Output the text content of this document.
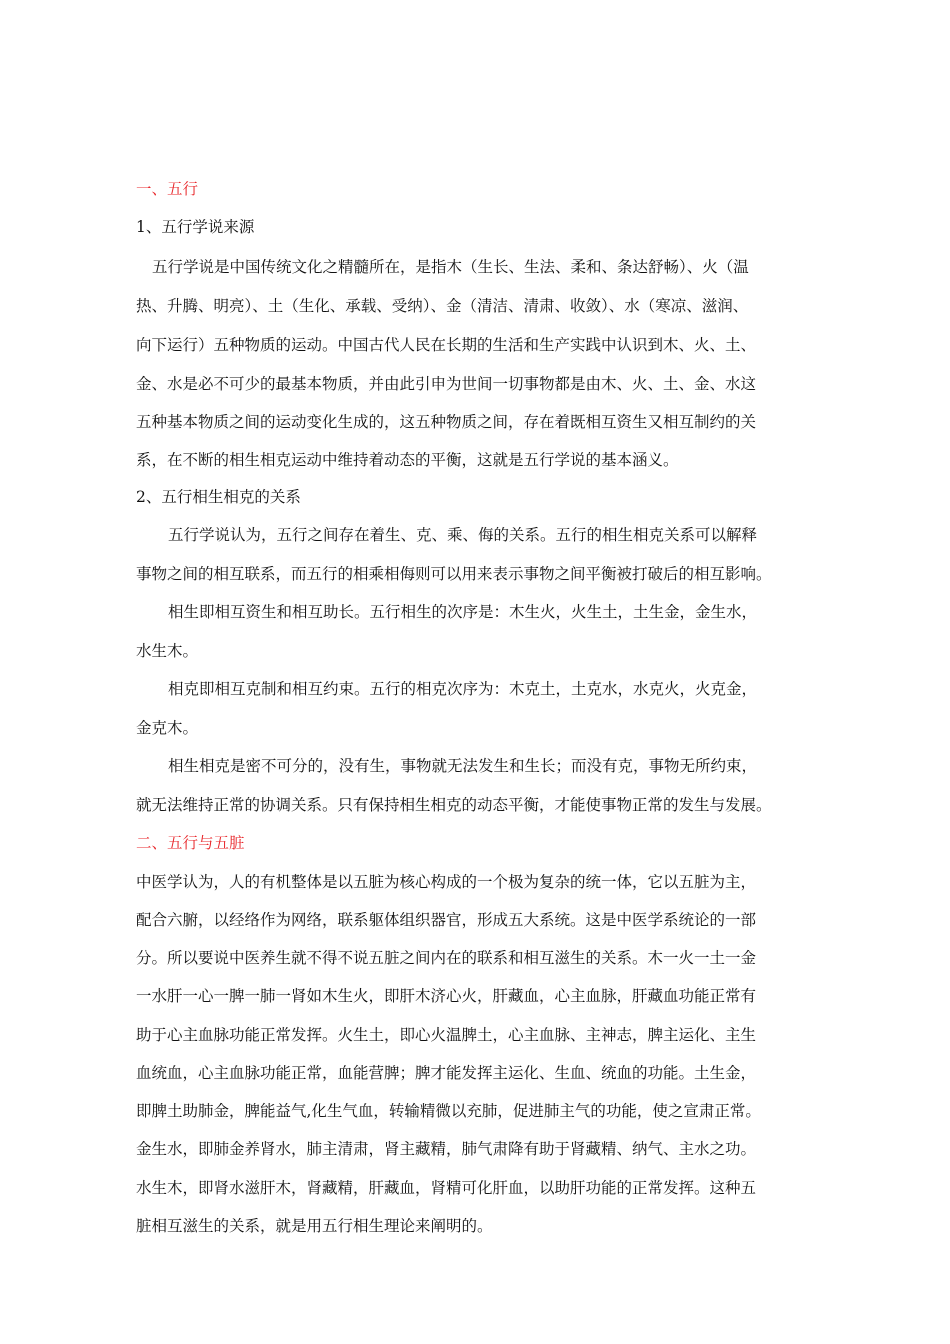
一、五行
1、五行学说来源
五行学说是中国传统文化之精髓所在，是指木（生长、生法、柔和、条达舒畅）、火（温
热、升腾、明亮）、土（生化、承载、受纳）、金（清洁、清肃、收敛）、水（寒凉、滋润、
向下运行）五种物质的运动。中国古代人民在长期的生活和生产实践中认识到木、火、土、
金、水是必不可少的最基本物质，并由此引申为世间一切事物都是由木、火、土、金、水这
五种基本物质之间的运动变化生成的，这五种物质之间，存在着既相互资生又相互制约的关
系，在不断的相生相克运动中维持着动态的平衡，这就是五行学说的基本涵义。
2、五行相生相克的关系
五行学说认为，五行之间存在着生、克、乘、侮的关系。五行的相生相克关系可以解释
事物之间的相互联系，而五行的相乘相侮则可以用来表示事物之间平衡被打破后的相互影响。
相生即相互资生和相互助长。五行相生的次序是：木生火，火生土，土生金，金生水，
水生木。
相克即相互克制和相互约束。五行的相克次序为：木克土，土克水，水克火，火克金，
金克木。
相生相克是密不可分的，没有生，事物就无法发生和生长；而没有克，事物无所约束，
就无法维持正常的协调关系。只有保持相生相克的动态平衡，才能使事物正常的发生与发展。
二、五行与五脏
中医学认为，人的有机整体是以五脏为核心构成的一个极为复杂的统一体，它以五脏为主，
配合六腑，以经络作为网络，联系躯体组织器官，形成五大系统。这是中医学系统论的一部
分。所以要说中医养生就不得不说五脏之间内在的联系和相互滋生的关系。木一火一土一金
一水肝一心一脾一肺一肾如木生火，即肝木济心火，肝藏血，心主血脉，肝藏血功能正常有
助于心主血脉功能正常发挥。火生土，即心火温脾土，心主血脉、主神志，脾主运化、主生
血统血，心主血脉功能正常，血能营脾；脾才能发挥主运化、生血、统血的功能。土生金，
即脾土助肺金，脾能益气,化生气血，转输精微以充肺，促进肺主气的功能，使之宣肃正常。
金生水，即肺金养肾水，肺主清肃，肾主藏精，肺气肃降有助于肾藏精、纳气、主水之功。
水生木，即肾水滋肝木，肾藏精，肝藏血，肾精可化肝血，以助肝功能的正常发挥。这种五
脏相互滋生的关系，就是用五行相生理论来阐明的。
